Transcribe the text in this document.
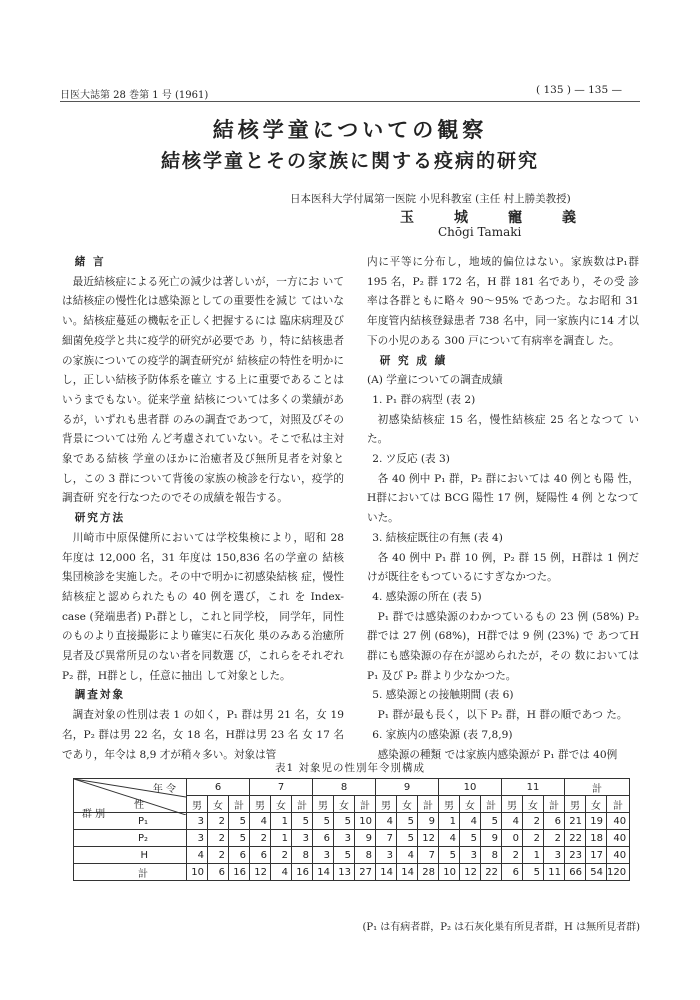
日医大誌第 28 巻第 1 号 (1961)	( 135 ) — 135 —
結核学童についての観察
結核学童とその家族に関する疫病的研究
日本医科大学付属第一医院 小児科教室 (主任 村上勝美教授)
玉城寵義
Chōgi Tamaki

緒 言

最近結核症による死亡の減少は著しいが，一方にお いては結核症の慢性化は感染源としての重要性を減じ てはいない。結核症蔓延の機転を正しく把握するには 臨床病理及び細菌免疫学と共に疫学的研究が必要であ り，特に結核患者の家族についての疫学的調査研究が 結核症の特性を明かにし，正しい結核予防体系を確立 する上に重要であることはいうまでもない。従来学童 結核については多くの業績があるが，いずれも患者群 のみの調査であつて，対照及びその背景については殆 んど考慮されていない。そこで私は主対象である結核 学童のほかに治癒者及び無所見者を対象とし，この 3 群について背後の家族の検診を行ない，疫学的調査研 究を行なつたのでその成績を報告する。

研究方法

川崎市中原保健所においては学校集検により，昭和 28 年度は 12,000 名，31 年度は 150,836 名の学童の 結核集団検診を実施した。その中で明かに初感染結核 症，慢性結核症と認められたもの 40 例を選び，これ を Index-case (発端患者) P₁群とし，これと同学校， 同学年，同性のものより直接撮影により確実に石灰化 巣のみある治癒所見者及び異常所見のない者を同数選 び，これらをそれぞれ P₂ 群，H群とし，任意に抽出 して対象とした。

調査対象

調査対象の性別は表 1 の如く，P₁ 群は男 21 名，女 19 名，P₂ 群は男 22 名，女 18 名，H群は男 23 名 女 17 名であり，年令は 8,9 才が稍々多い。対象は管

内に平等に分布し，地域的偏位はない。家族数はP₁群 195 名，P₂ 群 172 名，H 群 181 名であり，その受 診率は各群ともに略々 90～95% であつた。なお昭和 31 年度管内結核登録患者 738 名中，同一家族内に14 才以下の小児のある 300 戸について有病率を調査し た。

研 究 成 績

(A) 学童についての調査成績

1. P₁ 群の病型 (表 2)

初感染結核症 15 名，慢性結核症 25 名となつて いた。

2. ツ反応 (表 3)

各 40 例中 P₁ 群，P₂ 群においては 40 例とも陽 性，H群においては BCG 陽性 17 例，疑陽性 4 例 となつていた。

3. 結核症既往の有無 (表 4)

各 40 例中 P₁ 群 10 例，P₂ 群 15 例，H群は 1 例だけが既往をもつているにすぎなかつた。

4. 感染源の所在 (表 5)

P₁ 群では感染源のわかつているもの 23 例 (58%) P₂ 群では 27 例 (68%)，H群では 9 例 (23%) で あつてH群にも感染源の存在が認められたが，その 数においては P₁ 及び P₂ 群より少なかつた。

5. 感染源との接触期間 (表 6)

P₁ 群が最も長く，以下 P₂ 群，H 群の順であつ た。

6. 家族内の感染源 (表 7,8,9)

感染源の種類 では家族内感染源が P₁ 群では 40例

表1 対象児の性別年令別構成
年 令
性
群 別	6			7			8			9			10			11			計		
	男	女	計	男	女	計	男	女	計	男	女	計	男	女	計	男	女	計	男	女	計
P₁	3	2	5	4	1	5	5	5	10	4	5	9	1	4	5	4	2	6	21	19	40
P₂	3	2	5	2	1	3	6	3	9	7	5	12	4	5	9	0	2	2	22	18	40
H	4	2	6	6	2	8	3	5	8	3	4	7	5	3	8	2	1	3	23	17	40
計	10	6	16	12	4	16	14	13	27	14	14	28	10	12	22	6	5	11	66	54	120
(P₁ は有病者群，P₂ は石灰化巣有所見者群，H は無所見者群)
